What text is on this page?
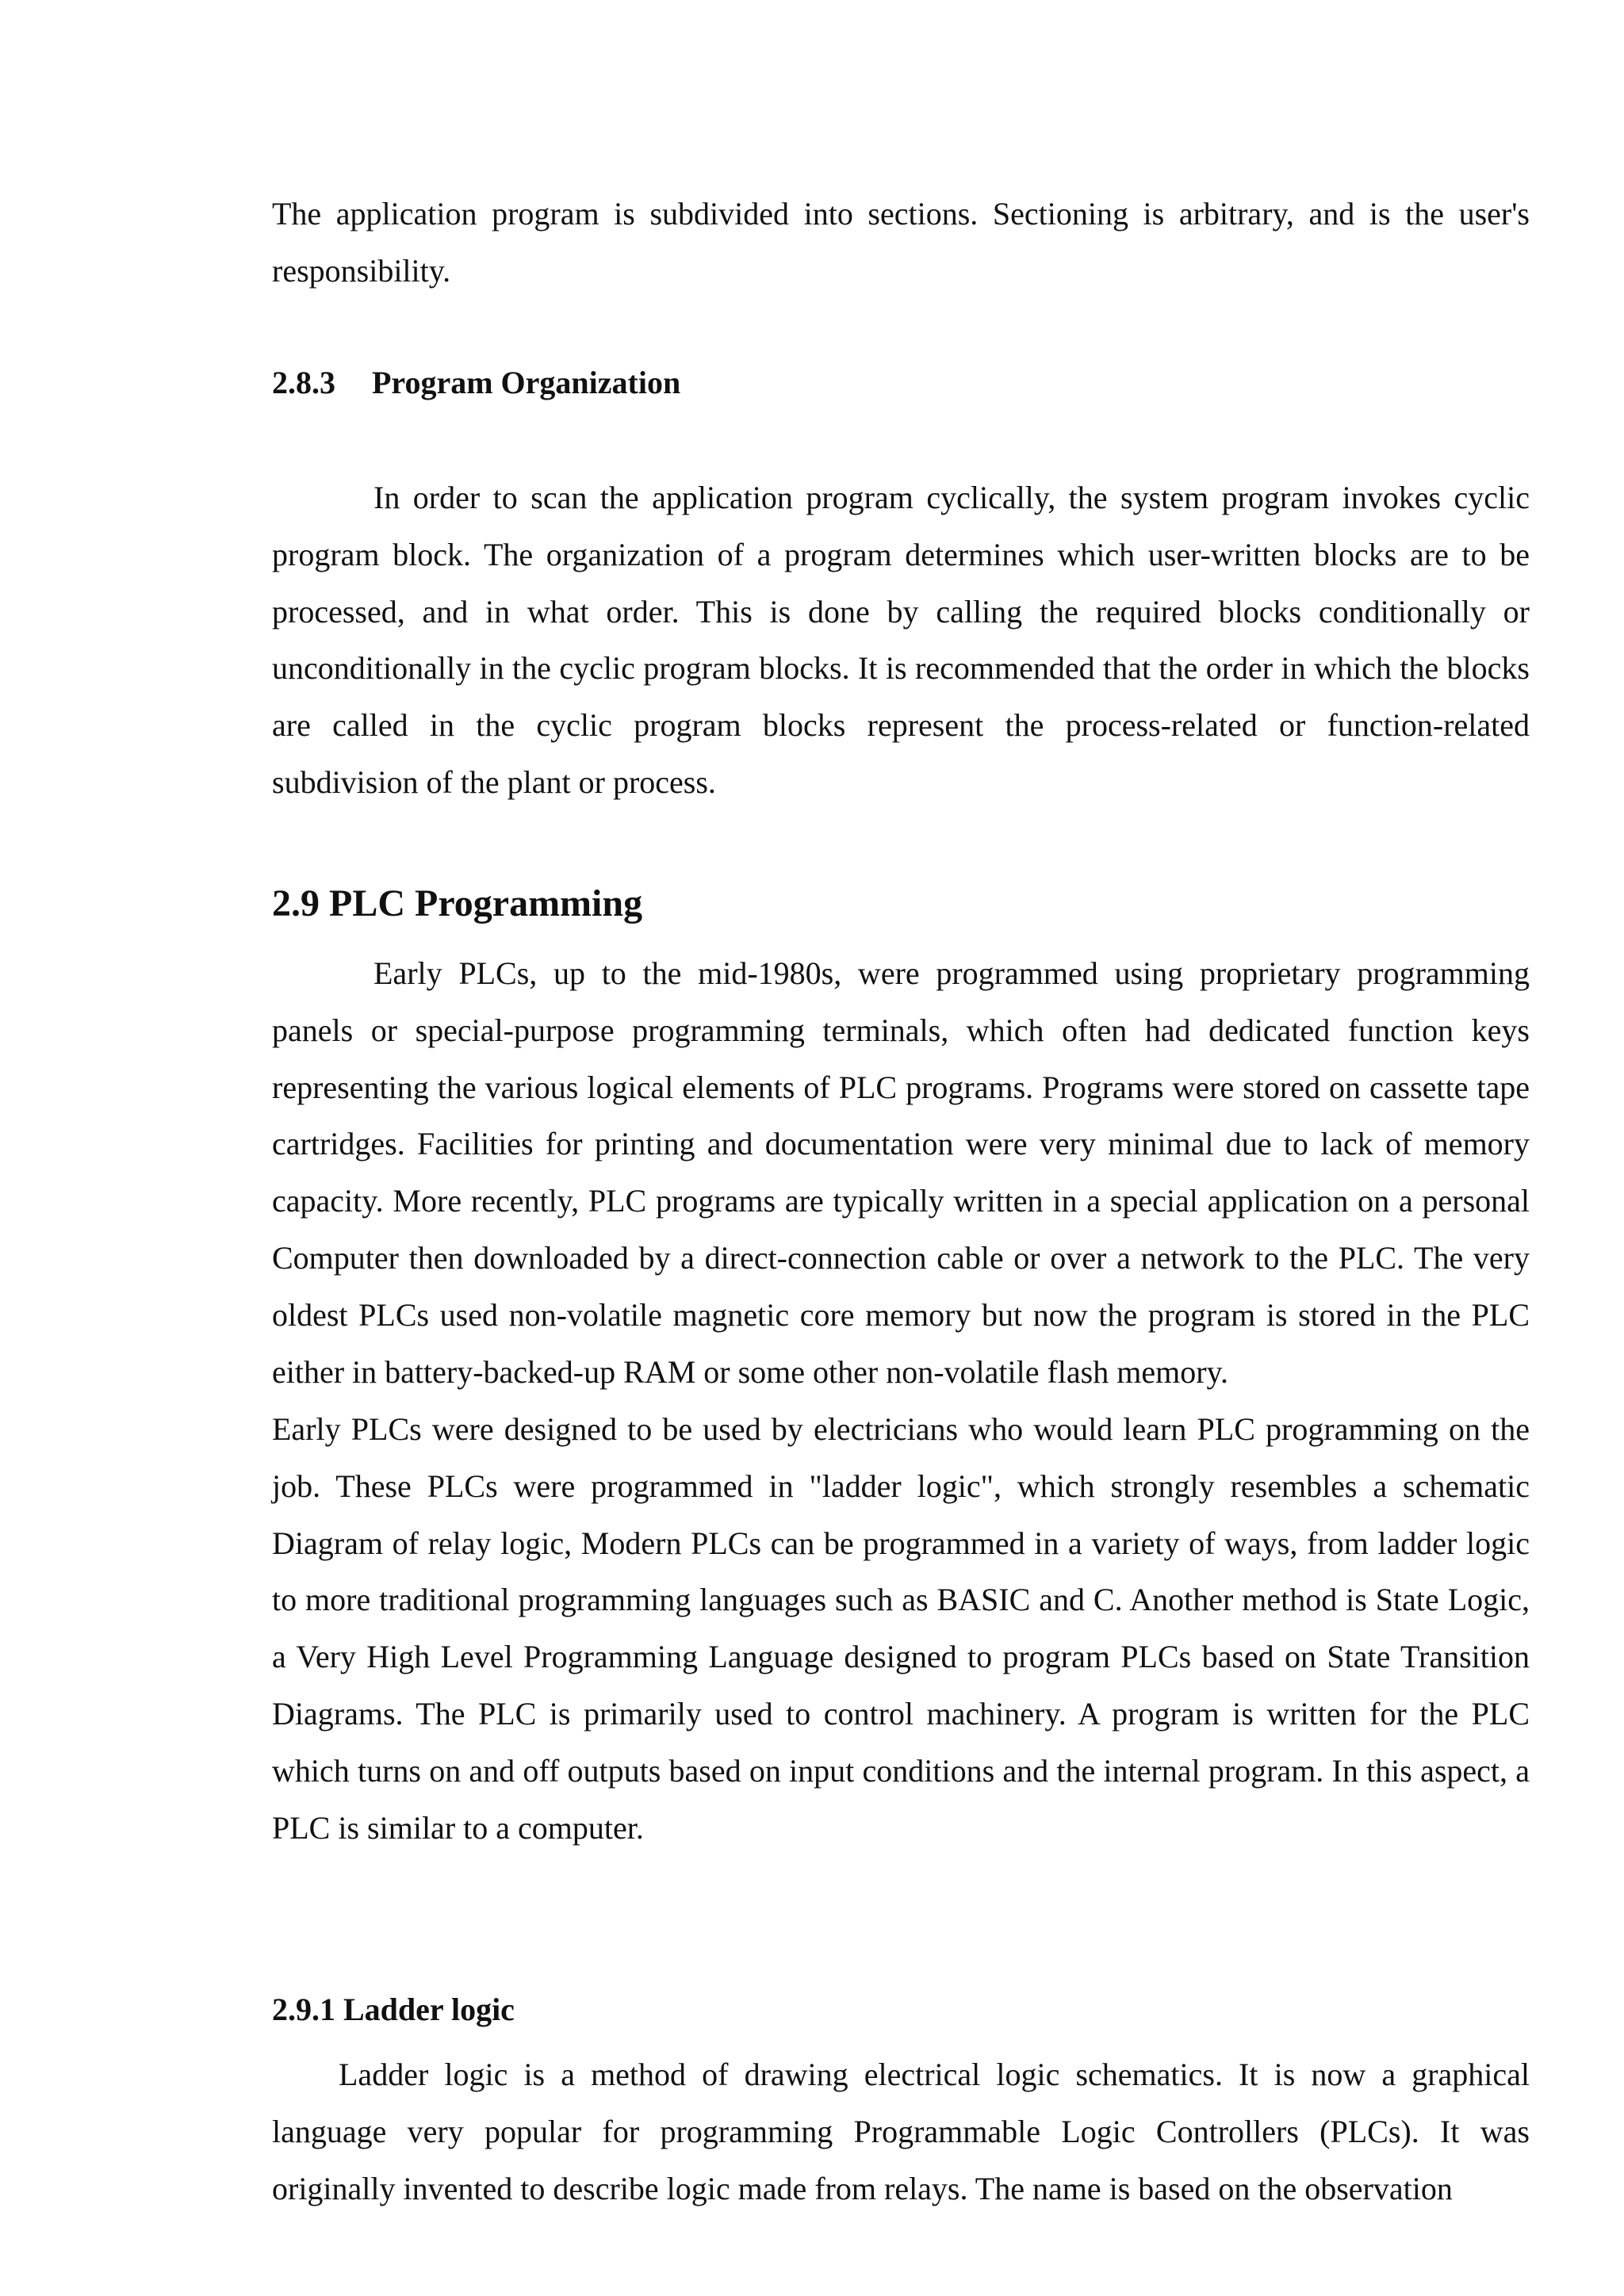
The application program is subdivided into sections. Sectioning is arbitrary, and is the user's responsibility.

2.8.3 Program Organization

In order to scan the application program cyclically, the system program invokes cyclic program block. The organization of a program determines which user-written blocks are to be processed, and in what order. This is done by calling the required blocks conditionally or unconditionally in the cyclic program blocks. It is recommended that the order in which the blocks are called in the cyclic program blocks represent the process-related or function-related subdivision of the plant or process.

2.9 PLC Programming

Early PLCs, up to the mid-1980s, were programmed using proprietary programming panels or special-purpose programming terminals, which often had dedicated function keys representing the various logical elements of PLC programs. Programs were stored on cassette tape cartridges. Facilities for printing and documentation were very minimal due to lack of memory capacity. More recently, PLC programs are typically written in a special application on a personal Computer then downloaded by a direct-connection cable or over a network to the PLC. The very oldest PLCs used non-volatile magnetic core memory but now the program is stored in the PLC either in battery-backed-up RAM or some other non-volatile flash memory.

Early PLCs were designed to be used by electricians who would learn PLC programming on the job. These PLCs were programmed in "ladder logic", which strongly resembles a schematic Diagram of relay logic, Modern PLCs can be programmed in a variety of ways, from ladder logic to more traditional programming languages such as BASIC and C. Another method is State Logic, a Very High Level Programming Language designed to program PLCs based on State Transition Diagrams. The PLC is primarily used to control machinery. A program is written for the PLC which turns on and off outputs based on input conditions and the internal program. In this aspect, a PLC is similar to a computer.

2.9.1 Ladder logic

Ladder logic is a method of drawing electrical logic schematics. It is now a graphical language very popular for programming Programmable Logic Controllers (PLCs). It was originally invented to describe logic made from relays. The name is based on the observation
